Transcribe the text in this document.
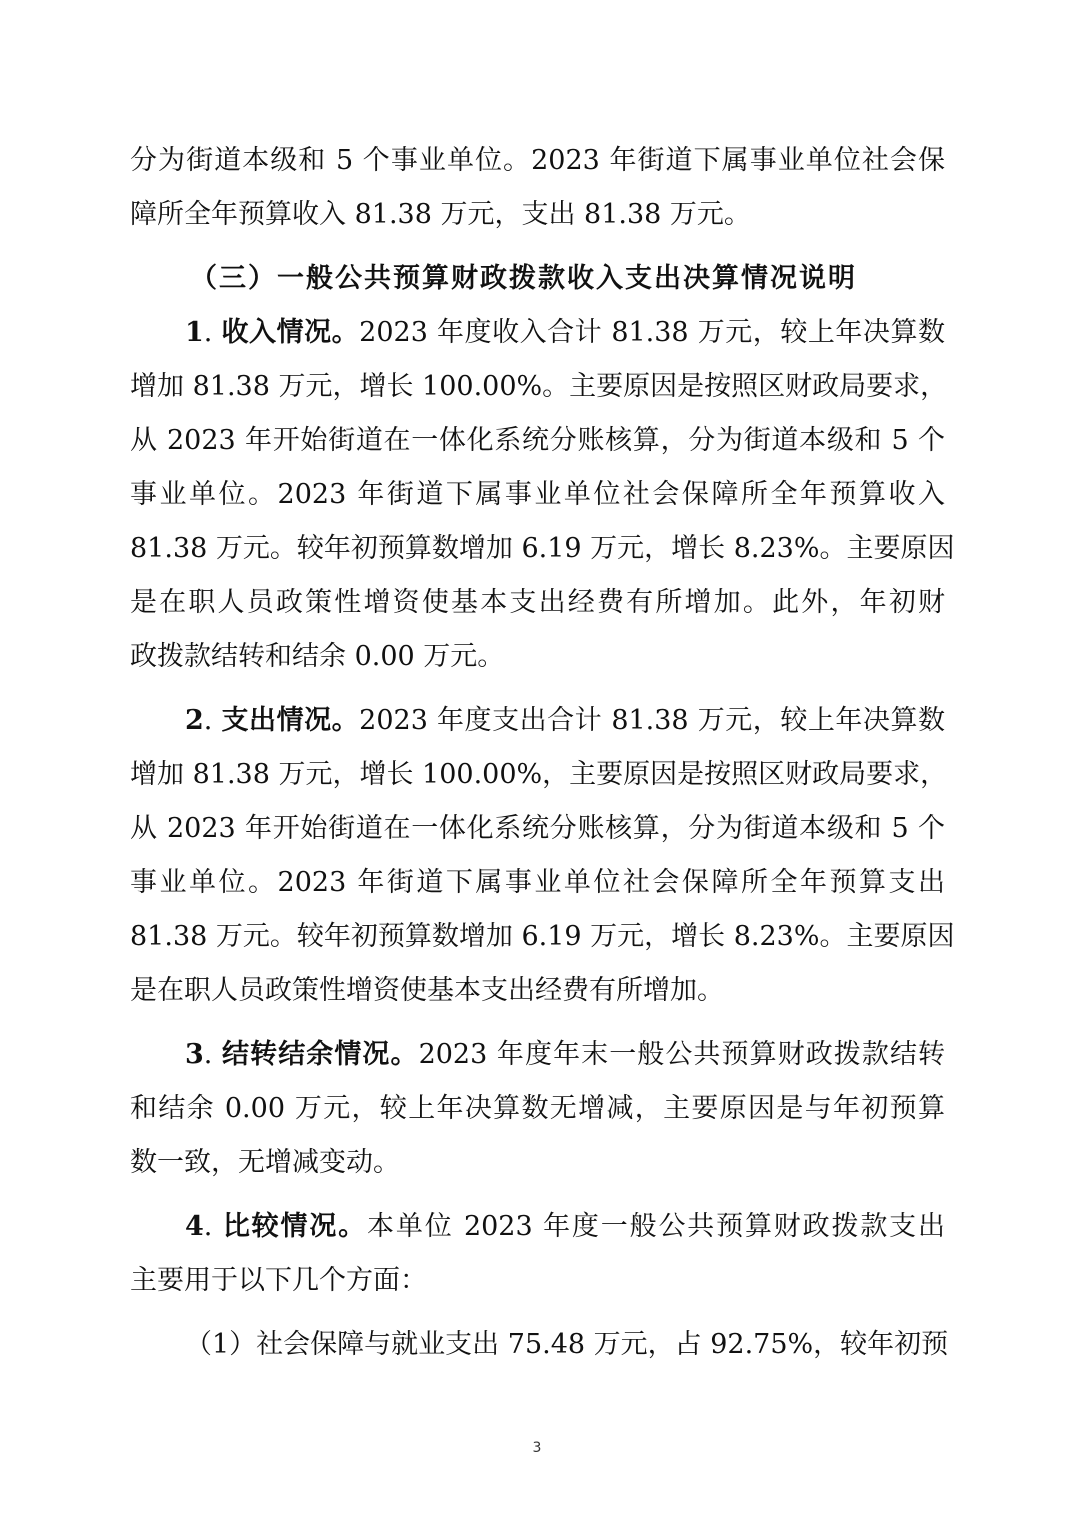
分为街道本级和 5 个事业单位。2023 年街道下属事业单位社会保
障所全年预算收入 81.38 万元，支出 81.38 万元。
（三）一般公共预算财政拨款收入支出决算情况说明
1. 收入情况。2023 年度收入合计 81.38 万元，较上年决算数
增加 81.38 万元，增长 100.00%。主要原因是按照区财政局要求，
从 2023 年开始街道在一体化系统分账核算，分为街道本级和 5 个
事业单位。2023 年街道下属事业单位社会保障所全年预算收入
81.38 万元。较年初预算数增加 6.19 万元，增长 8.23%。主要原因
是在职人员政策性增资使基本支出经费有所增加。此外，年初财
政拨款结转和结余 0.00 万元。
2. 支出情况。2023 年度支出合计 81.38 万元，较上年决算数
增加 81.38 万元，增长 100.00%，主要原因是按照区财政局要求，
从 2023 年开始街道在一体化系统分账核算，分为街道本级和 5 个
事业单位。2023 年街道下属事业单位社会保障所全年预算支出
81.38 万元。较年初预算数增加 6.19 万元，增长 8.23%。主要原因
是在职人员政策性增资使基本支出经费有所增加。
3. 结转结余情况。2023 年度年末一般公共预算财政拨款结转
和结余 0.00 万元，较上年决算数无增减，主要原因是与年初预算
数一致，无增减变动。
4. 比较情况。本单位 2023 年度一般公共预算财政拨款支出
主要用于以下几个方面：
（1）社会保障与就业支出 75.48 万元，占 92.75%，较年初预
3
